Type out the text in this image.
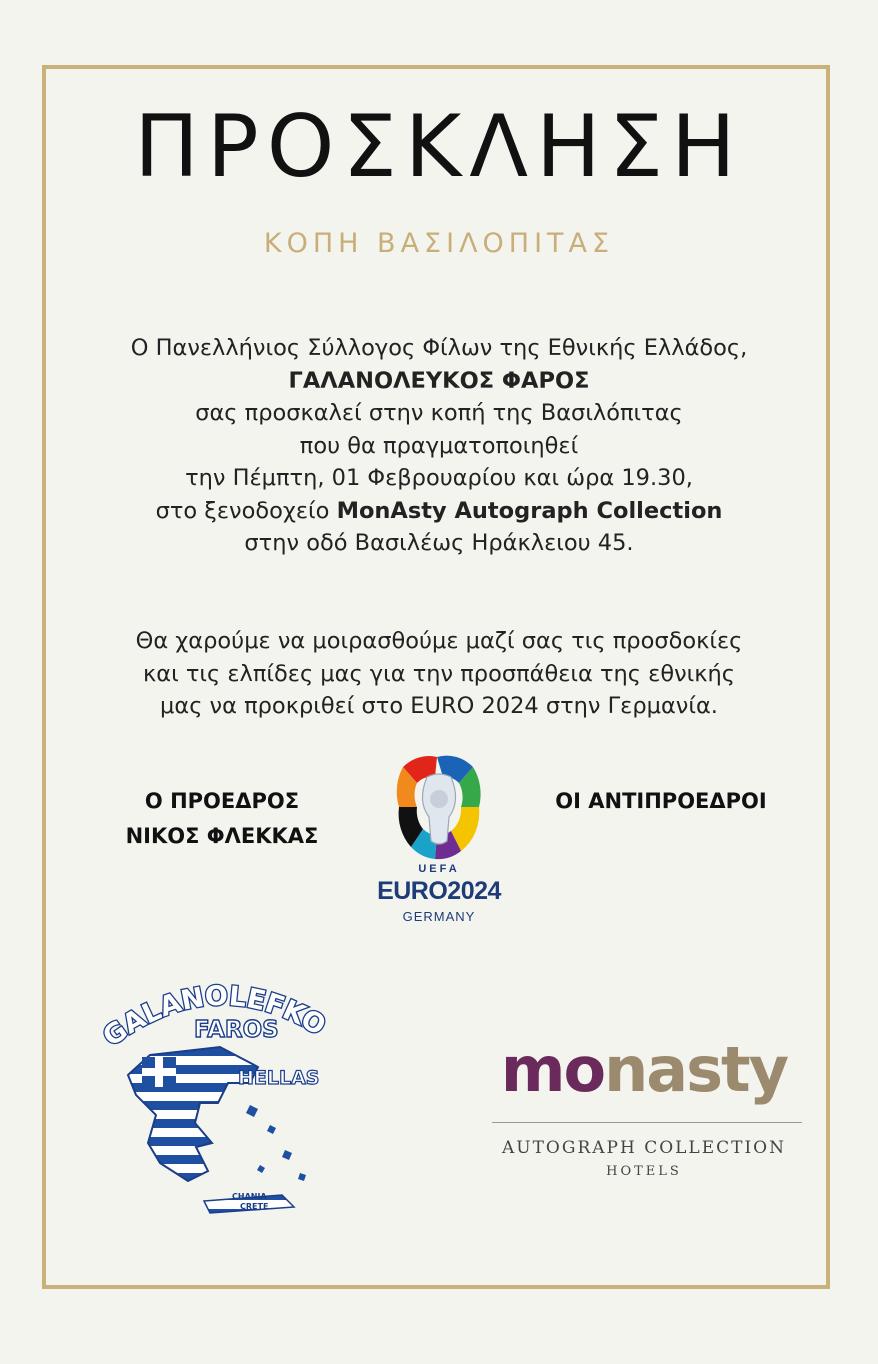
ΠΡΟΣΚΛΗΣΗ
ΚΟΠΗ ΒΑΣΙΛΟΠΙΤΑΣ
Ο Πανελλήνιος Σύλλογος Φίλων της Εθνικής Ελλάδος,
ΓΑΛΑΝΟΛΕΥΚΟΣ ΦΑΡΟΣ
σας προσκαλεί στην κοπή της Βασιλόπιτας
που θα πραγματοποιηθεί
την Πέμπτη, 01 Φεβρουαρίου και ώρα 19.30,
στο ξενοδοχείο MonAsty Autograph Collection
στην οδό Βασιλέως Ηράκλειου 45.
Θα χαρούμε να μοιρασθούμε μαζί σας τις προσδοκίες
και τις ελπίδες μας για την προσπάθεια της εθνικής
μας να προκριθεί στο EURO 2024 στην Γερμανία.
Ο ΠΡΟΕΔΡΟΣ
ΝΙΚΟΣ ΦΛΕΚΚΑΣ
ΟΙ ΑΝΤΙΠΡΟΕΔΡΟΙ
UEFA
EURO2024
GERMANY
GALANOLEFKO
FAROS
HELLAS
CHANIA
CRETE
monasty
AUTOGRAPH COLLECTION
HOTELS
